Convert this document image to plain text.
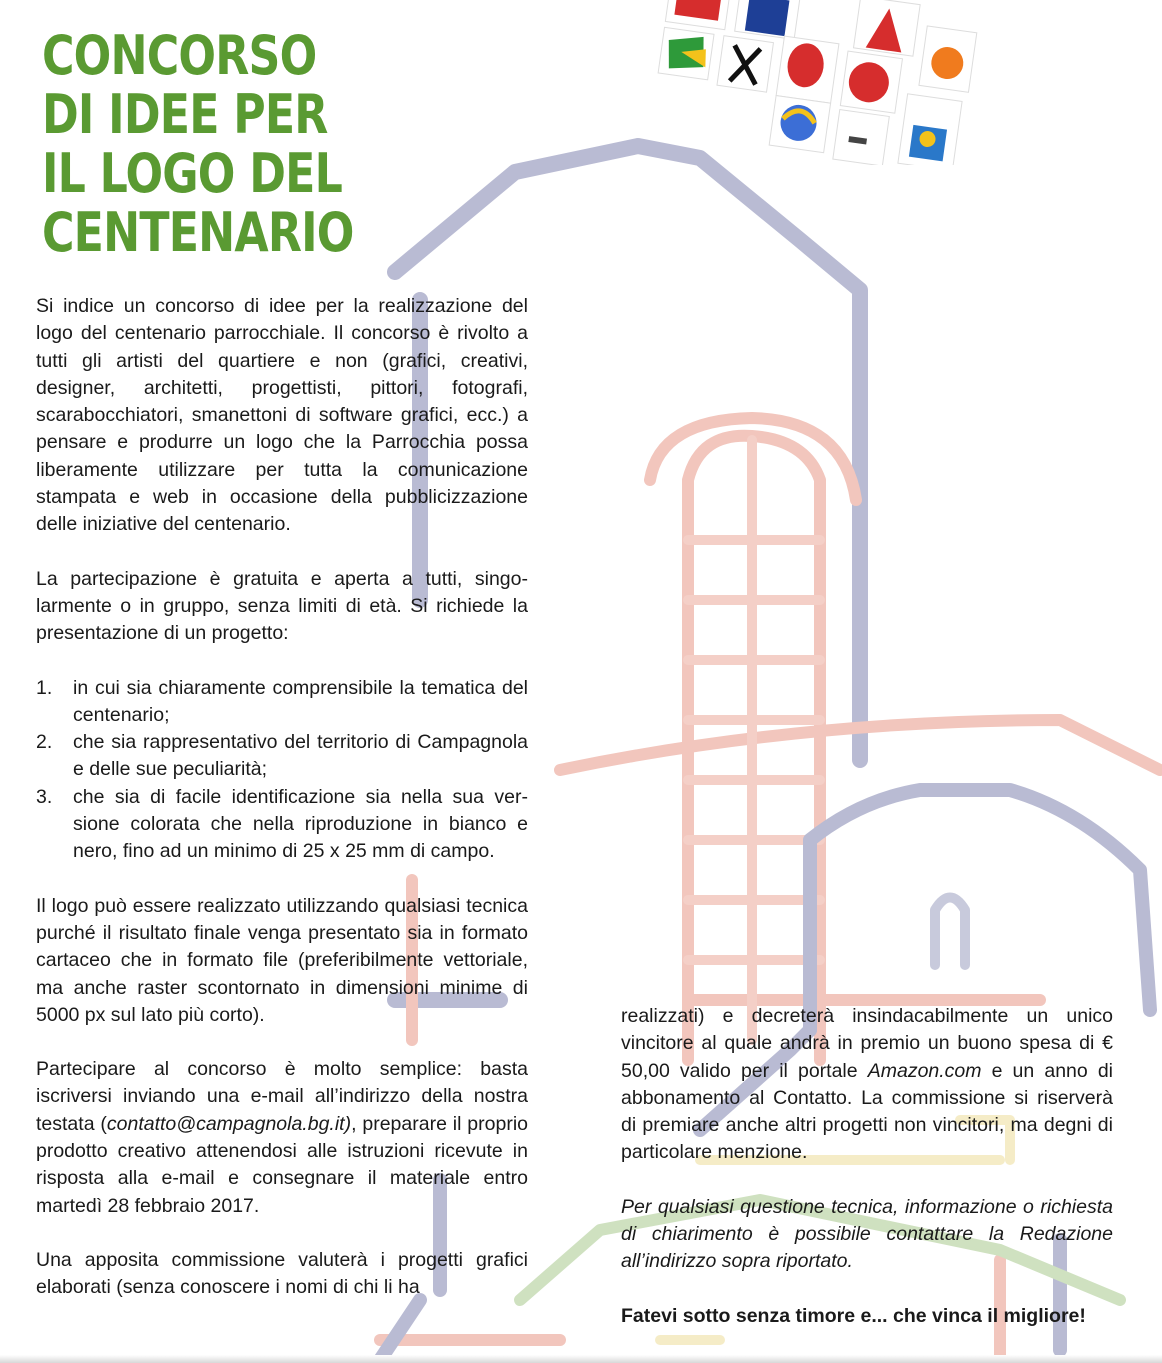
CONCORSO
DI IDEE PER
IL LOGO DEL
CENTENARIO

Si indice un concorso di idee per la realizzazione del logo del centenario parrocchiale. Il concorso è rivolto a tutti gli artisti del quartiere e non (grafici, creativi, designer, architetti, progettisti, pittori, fotografi, scarabocchiatori, smanettoni di software grafici, ecc.) a pensare e produrre un logo che la Parrocchia possa liberamente utilizzare per tutta la comunicazione stampata e web in occasione della pubblicizzazione delle iniziative del centenario.

La partecipazione è gratuita e aperta a tutti, singolarmente o in gruppo, senza limiti di età. Si richiede la presentazione di un progetto:

1. in cui sia chiaramente comprensibile la tematica del centenario;
2. che sia rappresentativo del territorio di Campagnola e delle sue peculiarità;
3. che sia di facile identificazione sia nella sua versione colorata che nella riproduzione in bianco e nero, fino ad un minimo di 25 x 25 mm di campo.

Il logo può essere realizzato utilizzando qualsiasi tecnica purché il risultato finale venga presentato sia in formato cartaceo che in formato file (preferibilmente vettoriale, ma anche raster scontornato in dimensioni minime di 5000 px sul lato più corto).

Partecipare al concorso è molto semplice: basta iscriversi inviando una e-mail all’indirizzo della nostra testata (contatto@campagnola.bg.it), preparare il proprio prodotto creativo attenendosi alle istruzioni ricevute in risposta alla e-mail e consegnare il materiale entro martedì 28 febbraio 2017.

Una apposita commissione valuterà i progetti grafici elaborati (senza conoscere i nomi di chi li ha

realizzati) e decreterà insindacabilmente un unico vincitore al quale andrà in premio un buono spesa di € 50,00 valido per il portale Amazon.com e un anno di abbonamento al Contatto. La commissione si riserverà di premiare anche altri progetti non vincitori, ma degni di particolare menzione.

Per qualsiasi questione tecnica, informazione o richiesta di chiarimento è possibile contattare la Redazione all’indirizzo sopra riportato.

Fatevi sotto senza timore e... che vinca il migliore!
